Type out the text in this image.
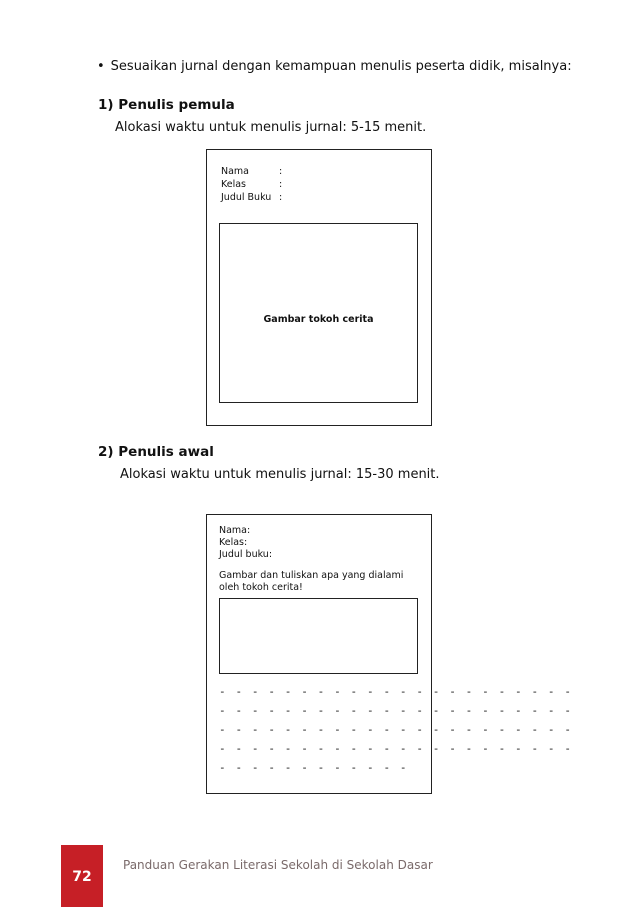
• Sesuaikan jurnal dengan kemampuan menulis peserta didik, misalnya:
1) Penulis pemula
Alokasi waktu untuk menulis jurnal: 5-15 menit.
Nama	:
Kelas	:
Judul Buku :
Gambar tokoh cerita
2) Penulis awal
Alokasi waktu untuk menulis jurnal: 15-30 menit.
Nama:
Kelas:
Judul buku:
Gambar dan tuliskan apa yang dialami
oleh tokoh cerita!
- - - - - - - - - - - - - - - - - - - - - -
- - - - - - - - - - - - - - - - - - - - - -
- - - - - - - - - - - - - - - - - - - - - -
- - - - - - - - - - - - - - - - - - - - - -
- - - - - - - - - - - -
72
Panduan Gerakan Literasi Sekolah di Sekolah Dasar
